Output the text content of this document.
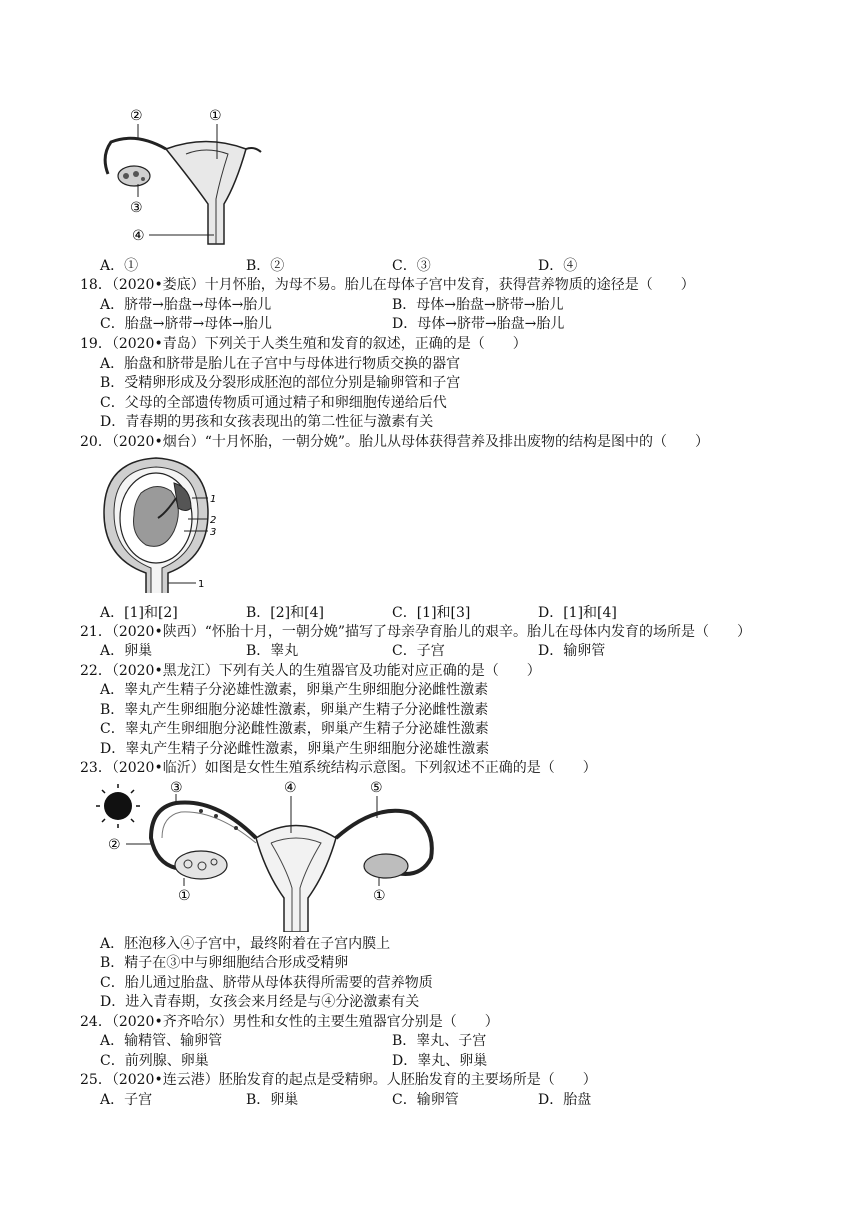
②	①
③
④
A．①	B．②	C．③	D．④
18．（2020•娄底）十月怀胎，为母不易。胎儿在母体子宫中发育，获得营养物质的途径是（　　）
A．脐带→胎盘→母体→胎儿	B．母体→胎盘→脐带→胎儿
C．胎盘→脐带→母体→胎儿	D．母体→脐带→胎盘→胎儿
19．（2020•青岛）下列关于人类生殖和发育的叙述，正确的是（　　）
A．胎盘和脐带是胎儿在子宫中与母体进行物质交换的器官
B．受精卵形成及分裂形成胚泡的部位分别是输卵管和子宫
C．父母的全部遗传物质可通过精子和卵细胞传递给后代
D．青春期的男孩和女孩表现出的第二性征与激素有关
20．（2020•烟台）“十月怀胎，一朝分娩”。胎儿从母体获得营养及排出废物的结构是图中的（　　）
1
2
3
1
A．[1]和[2]	B．[2]和[4]	C．[1]和[3]	D．[1]和[4]
21．（2020•陕西）“怀胎十月，一朝分娩”描写了母亲孕育胎儿的艰辛。胎儿在母体内发育的场所是（　　）
A．卵巢	B．睾丸	C．子宫	D．输卵管
22．（2020•黑龙江）下列有关人的生殖器官及功能对应正确的是（　　）
A．睾丸产生精子分泌雄性激素，卵巢产生卵细胞分泌雌性激素
B．睾丸产生卵细胞分泌雄性激素，卵巢产生精子分泌雌性激素
C．睾丸产生卵细胞分泌雌性激素，卵巢产生精子分泌雄性激素
D．睾丸产生精子分泌雌性激素，卵巢产生卵细胞分泌雄性激素
23．（2020•临沂）如图是女性生殖系统结构示意图。下列叙述不正确的是（　　）
③	④	⑤
②
①	①
A．胚泡移入④子宫中，最终附着在子宫内膜上
B．精子在③中与卵细胞结合形成受精卵
C．胎儿通过胎盘、脐带从母体获得所需要的营养物质
D．进入青春期，女孩会来月经是与④分泌激素有关
24．（2020•齐齐哈尔）男性和女性的主要生殖器官分别是（　　）
A．输精管、输卵管	B．睾丸、子宫
C．前列腺、卵巢	D．睾丸、卵巢
25．（2020•连云港）胚胎发育的起点是受精卵。人胚胎发育的主要场所是（　　）
A．子宫	B．卵巢	C．输卵管	D．胎盘
